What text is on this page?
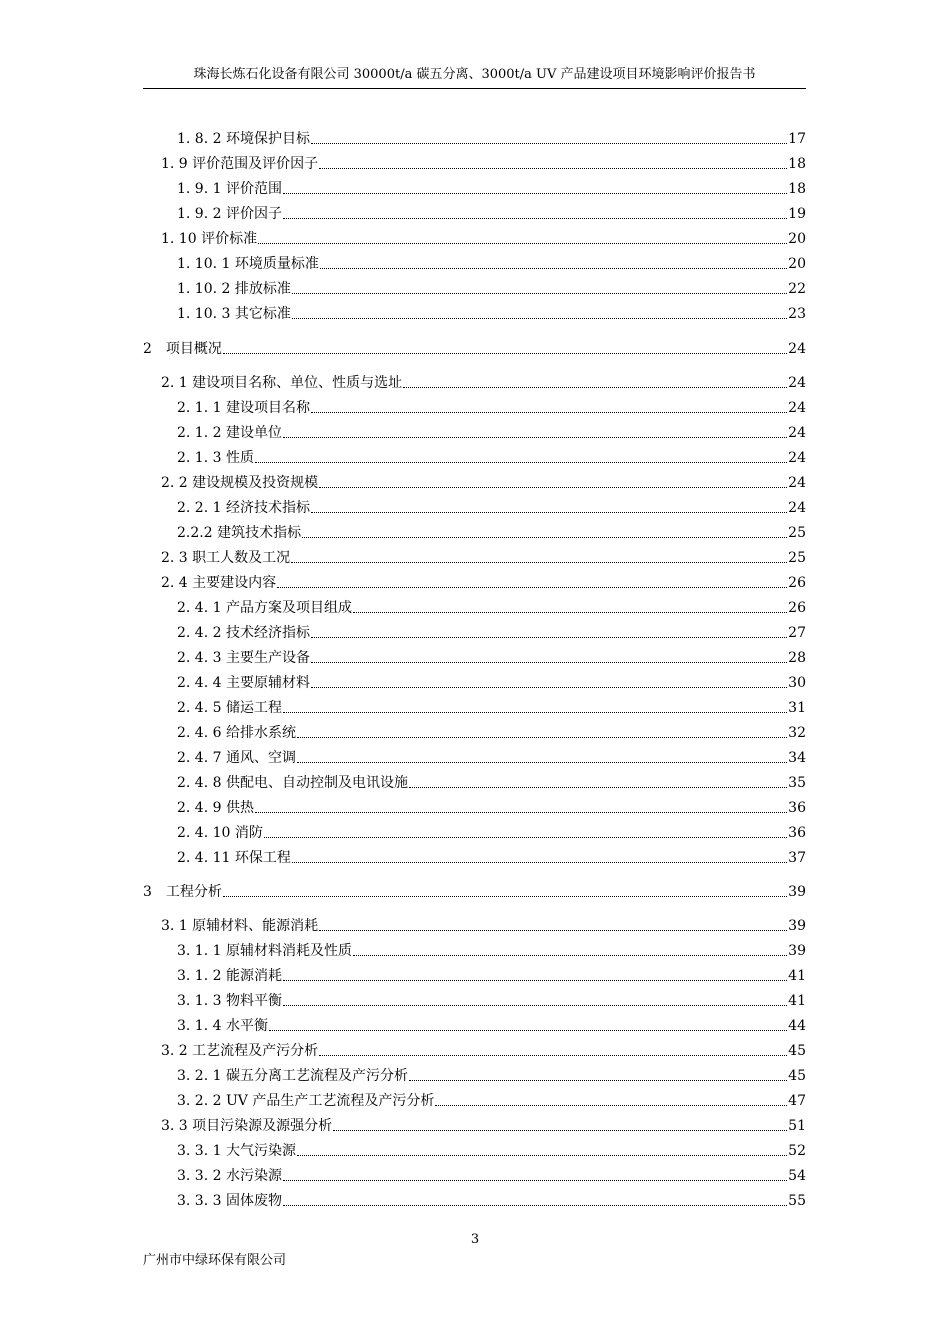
珠海长炼石化设备有限公司 30000t/a 碳五分离、3000t/a UV 产品建设项目环境影响评价报告书
1. 8. 2 环境保护目标	17
1. 9 评价范围及评价因子	18
1. 9. 1 评价范围	18
1. 9. 2 评价因子	19
1. 10 评价标准	20
1. 10. 1 环境质量标准	20
1. 10. 2 排放标准	22
1. 10. 3 其它标准	23
2　项目概况	24
2. 1 建设项目名称、单位、性质与选址	24
2. 1. 1 建设项目名称	24
2. 1. 2 建设单位	24
2. 1. 3 性质	24
2. 2 建设规模及投资规模	24
2. 2. 1 经济技术指标	24
2.2.2 建筑技术指标	25
2. 3 职工人数及工况	25
2. 4 主要建设内容	26
2. 4. 1 产品方案及项目组成	26
2. 4. 2 技术经济指标	27
2. 4. 3 主要生产设备	28
2. 4. 4 主要原辅材料	30
2. 4. 5 储运工程	31
2. 4. 6 给排水系统	32
2. 4. 7 通风、空调	34
2. 4. 8 供配电、自动控制及电讯设施	35
2. 4. 9 供热	36
2. 4. 10 消防	36
2. 4. 11 环保工程	37
3　工程分析	39
3. 1 原辅材料、能源消耗	39
3. 1. 1 原辅材料消耗及性质	39
3. 1. 2 能源消耗	41
3. 1. 3 物料平衡	41
3. 1. 4 水平衡	44
3. 2 工艺流程及产污分析	45
3. 2. 1 碳五分离工艺流程及产污分析	45
3. 2. 2 UV 产品生产工艺流程及产污分析	47
3. 3 项目污染源及源强分析	51
3. 3. 1 大气污染源	52
3. 3. 2 水污染源	54
3. 3. 3 固体废物	55
3
广州市中绿环保有限公司
